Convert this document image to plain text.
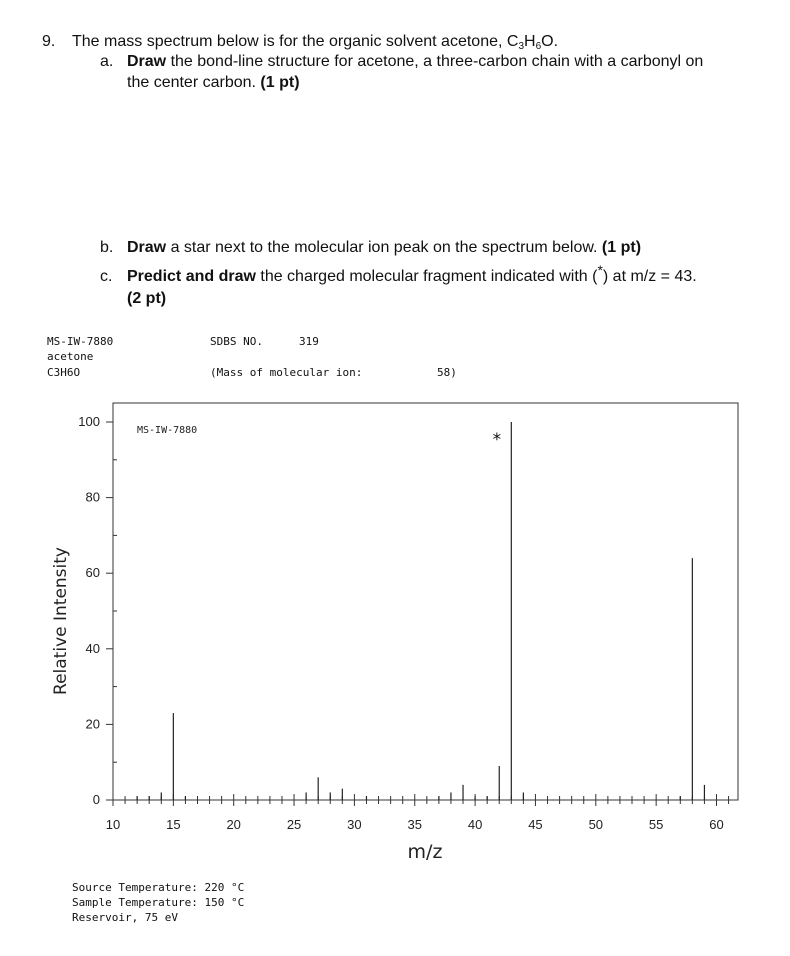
9. The mass spectrum below is for the organic solvent acetone, $C_3H_6O$.
a. Draw the bond-line structure for acetone, a three-carbon chain with a carbonyl on
the center carbon. (1 pt)
b. Draw a star next to the molecular ion peak on the spectrum below. (1 pt)
c. Predict and draw the charged molecular fragment indicated with (*) at m/z = 43.
(2 pt)
MS-IW-7880
acetone
C3H6O
SDBS NO.	319
(Mass of molecular ion:	58)
0
20
40
60
80
100
10	15	20	25	30	35	40	45	50	55	60
MS-IW-7880	*
m/z
Relative Intensity
Source Temperature: 220 °C
Sample Temperature: 150 °C
Reservoir, 75 eV
